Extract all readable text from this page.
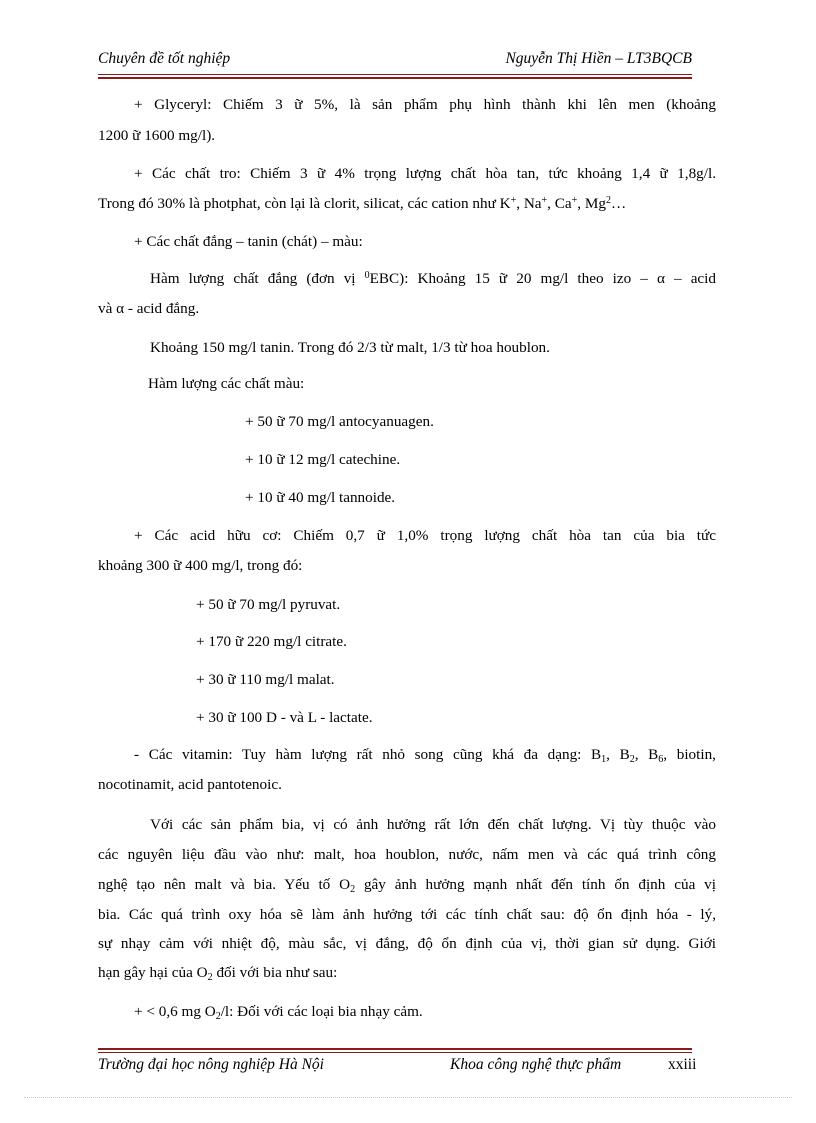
Chuyên đề tốt nghiệp	Nguyễn Thị Hiền – LT3BQCB
+ Glyceryl: Chiếm 3 ữ 5%, là sản phẩm phụ hình thành khi lên men (khoảng
1200 ữ 1600 mg/l).
+ Các chất tro: Chiếm 3 ữ 4% trọng lượng chất hòa tan, tức khoảng 1,4 ữ 1,8g/l.
Trong đó 30% là photphat, còn lại là clorit, silicat, các cation như K+, Na+, Ca+, $Mg^2\dots$
+ Các chất đắng – tanin (chát) – màu:
Hàm lượng chất đắng (đơn vị $^0$EBC): Khoảng 15 ữ 20 mg/l theo izo – α – acid
và α - acid đắng.
Khoảng 150 mg/l tanin. Trong đó 2/3 từ malt, 1/3 từ hoa houblon.
Hàm lượng các chất màu:
+ 50 ữ 70 mg/l antocyanuagen.
+ 10 ữ 12 mg/l catechine.
+ 10 ữ 40 mg/l tannoide.
+ Các acid hữu cơ: Chiếm 0,7 ữ 1,0% trọng lượng chất hòa tan của bia tức
khoảng 300 ữ 400 mg/l, trong đó:
+ 50 ữ 70 mg/l pyruvat.
+ 170 ữ 220 mg/l citrate.
+ 30 ữ 110 mg/l malat.
+ 30 ữ 100 D - và L - lactate.
- Các vitamin: Tuy hàm lượng rất nhỏ song cũng khá đa dạng: $B_1$, $B_2$, $B_6$, biotin,
nocotinamit, acid pantotenoic.
Với các sản phẩm bia, vị có ảnh hưởng rất lớn đến chất lượng. Vị tùy thuộc vào
các nguyên liệu đầu vào như: malt, hoa houblon, nước, nấm men và các quá trình công
nghệ tạo nên malt và bia. Yếu tố $O_2$ gây ảnh hưởng mạnh nhất đến tính ổn định của vị
bia. Các quá trình oxy hóa sẽ làm ảnh hưởng tới các tính chất sau: độ ổn định hóa - lý,
sự nhạy cảm với nhiệt độ, màu sắc, vị đắng, độ ổn định của vị, thời gian sử dụng. Giới
hạn gây hại của $O_2$ đối với bia như sau:
+ < 0,6 mg $O_2/l$: Đối với các loại bia nhạy cảm.
Trường đại học nông nghiệp Hà Nội	Khoa công nghệ thực phẩm	xxiii
